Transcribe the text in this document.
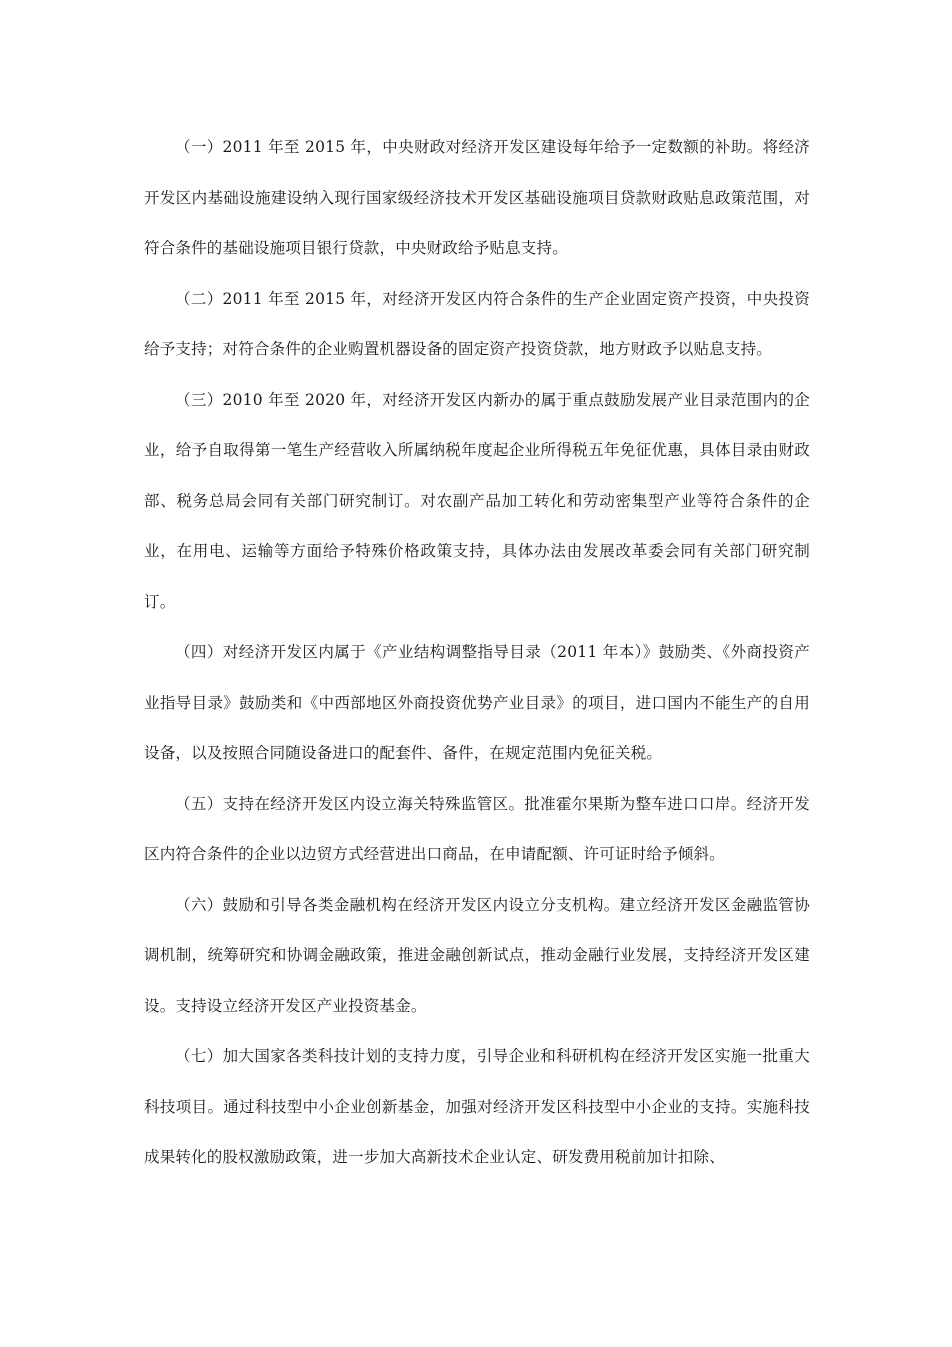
（一）2011 年至 2015 年，中央财政对经济开发区建设每年给予一定数额的补助。将经济开发区内基础设施建设纳入现行国家级经济技术开发区基础设施项目贷款财政贴息政策范围，对符合条件的基础设施项目银行贷款，中央财政给予贴息支持。

（二）2011 年至 2015 年，对经济开发区内符合条件的生产企业固定资产投资，中央投资给予支持；对符合条件的企业购置机器设备的固定资产投资贷款，地方财政予以贴息支持。

（三）2010 年至 2020 年，对经济开发区内新办的属于重点鼓励发展产业目录范围内的企业，给予自取得第一笔生产经营收入所属纳税年度起企业所得税五年免征优惠，具体目录由财政部、税务总局会同有关部门研究制订。对农副产品加工转化和劳动密集型产业等符合条件的企业，在用电、运输等方面给予特殊价格政策支持，具体办法由发展改革委会同有关部门研究制订。

（四）对经济开发区内属于《产业结构调整指导目录（2011 年本）》鼓励类、《外商投资产业指导目录》鼓励类和《中西部地区外商投资优势产业目录》的项目，进口国内不能生产的自用设备，以及按照合同随设备进口的配套件、备件，在规定范围内免征关税。

（五）支持在经济开发区内设立海关特殊监管区。批准霍尔果斯为整车进口口岸。经济开发区内符合条件的企业以边贸方式经营进出口商品，在申请配额、许可证时给予倾斜。

（六）鼓励和引导各类金融机构在经济开发区内设立分支机构。建立经济开发区金融监管协调机制，统筹研究和协调金融政策，推进金融创新试点，推动金融行业发展，支持经济开发区建设。支持设立经济开发区产业投资基金。

（七）加大国家各类科技计划的支持力度，引导企业和科研机构在经济开发区实施一批重大科技项目。通过科技型中小企业创新基金，加强对经济开发区科技型中小企业的支持。实施科技成果转化的股权激励政策，进一步加大高新技术企业认定、研发费用税前加计扣除、
